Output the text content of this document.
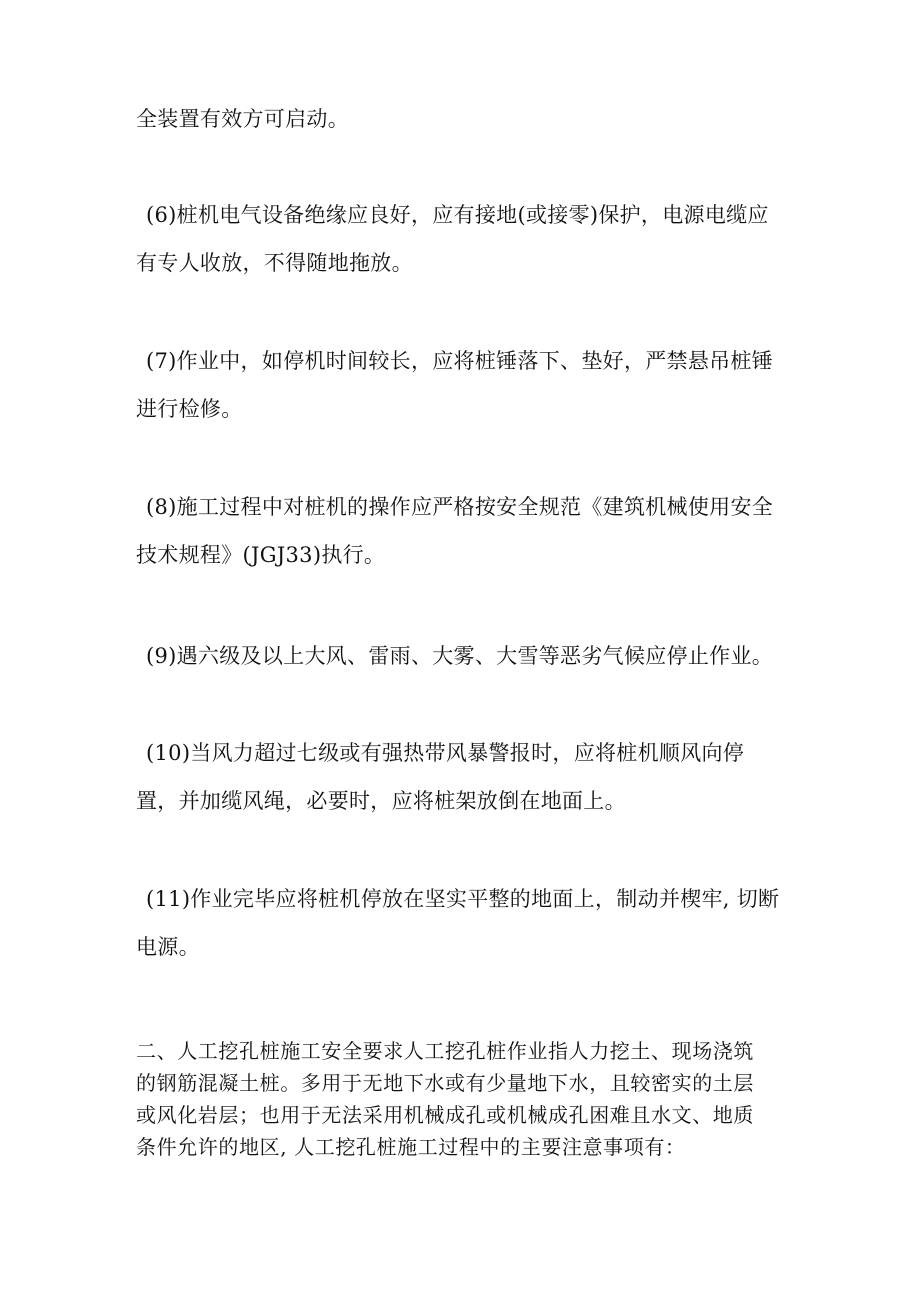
全装置有效方可启动。
(6)桩机电气设备绝缘应良好，应有接地(或接零)保护，电源电缆应
有专人收放，不得随地拖放。
(7)作业中，如停机时间较长，应将桩锤落下、垫好，严禁悬吊桩锤
进行检修。
(8)施工过程中对桩机的操作应严格按安全规范《建筑机械使用安全
技术规程》(JGJ33)执行。
(9)遇六级及以上大风、雷雨、大雾、大雪等恶劣气候应停止作业。
(10)当风力超过七级或有强热带风暴警报时，应将桩机顺风向停
置，并加缆风绳，必要时，应将桩架放倒在地面上。
(11)作业完毕应将桩机停放在坚实平整的地面上，制动并楔牢, 切断
电源。
二、人工挖孔桩施工安全要求人工挖孔桩作业指人力挖土、现场浇筑
的钢筋混凝土桩。多用于无地下水或有少量地下水，且较密实的土层
或风化岩层；也用于无法采用机械成孔或机械成孔困难且水文、地质
条件允许的地区, 人工挖孔桩施工过程中的主要注意事项有：
